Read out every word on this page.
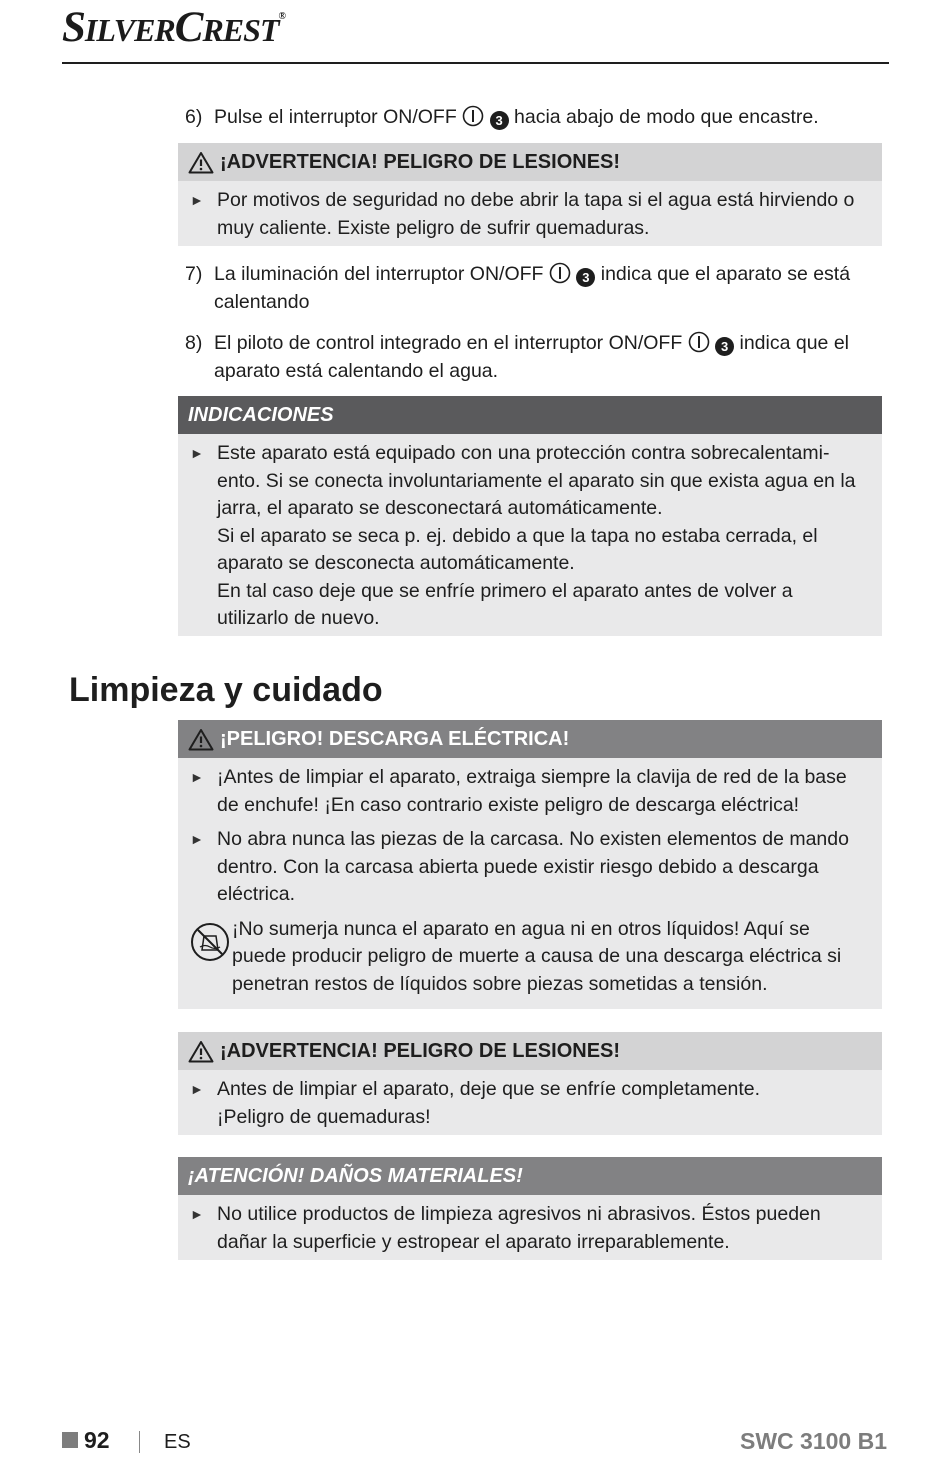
SILVERCREST®
6) Pulse el interruptor ON/OFF	3 hacia abajo de modo que encastre.
¡ADVERTENCIA! PELIGRO DE LESIONES!
► Por motivos de seguridad no debe abrir la tapa si el agua está hirviendo o muy caliente. Existe peligro de sufrir quemaduras.
7) La iluminación del interruptor ON/OFF	3 indica que el aparato se está calentando
8) El piloto de control integrado en el interruptor ON/OFF	3 indica que el aparato está calentando el agua.
INDICACIONES
► Este aparato está equipado con una protección contra sobrecalentami-ento. Si se conecta involuntariamente el aparato sin que exista agua en la jarra, el aparato se desconectará automáticamente.
Si el aparato se seca p. ej. debido a que la tapa no estaba cerrada, el aparato se desconecta automáticamente.
En tal caso deje que se enfríe primero el aparato antes de volver a utilizarlo de nuevo.
Limpieza y cuidado
¡PELIGRO! DESCARGA ELÉCTRICA!
► ¡Antes de limpiar el aparato, extraiga siempre la clavija de red de la base de enchufe! ¡En caso contrario existe peligro de descarga eléctrica!
► No abra nunca las piezas de la carcasa. No existen elementos de mando dentro. Con la carcasa abierta puede existir riesgo debido a descarga eléctrica.
¡No sumerja nunca el aparato en agua ni en otros líquidos! Aquí se puede producir peligro de muerte a causa de una descarga eléctrica si penetran restos de líquidos sobre piezas sometidas a tensión.
¡ADVERTENCIA! PELIGRO DE LESIONES!
► Antes de limpiar el aparato, deje que se enfríe completamente.
¡Peligro de quemaduras!
¡ATENCIÓN! DAÑOS MATERIALES!
► No utilice productos de limpieza agresivos ni abrasivos. Éstos pueden dañar la superficie y estropear el aparato irreparablemente.
92	ES	SWC 3100 B1
